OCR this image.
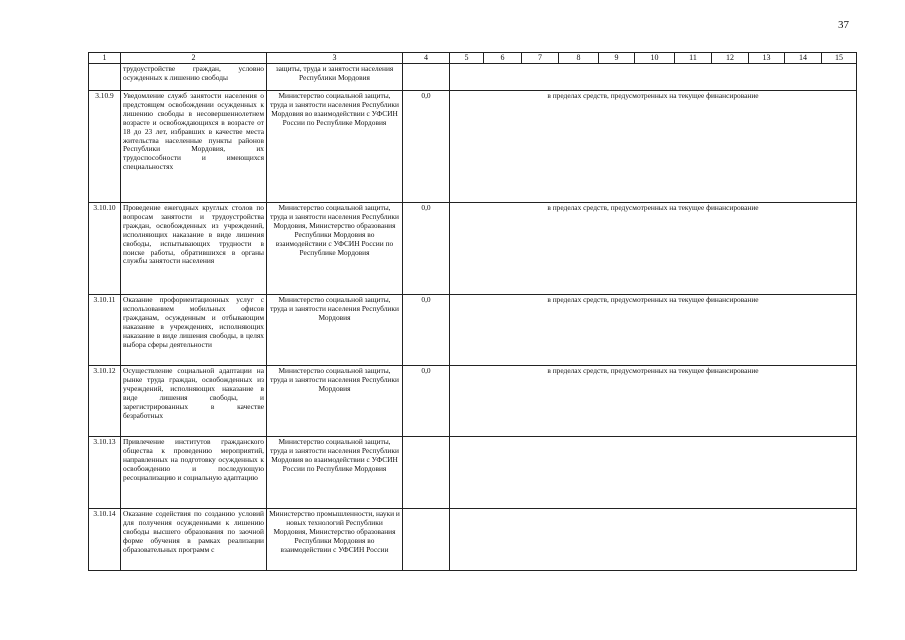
37
1	2	3	4	5	6	7	8	9	10	11	12	13	14	15
	трудоустройстве граждан, условно осужденных к лишению свободы	защиты, труда и занятости населения Республики Мордовия												
3.10.9	Уведомление служб занятости населения о предстоящем освобождении осужденных к лишению свободы в несовершеннолетнем возрасте и освобождающихся в возрасте от 18 до 23 лет, избравших в качестве места жительства населенные пункты районов Республики Мордовия, их трудоспособности и имеющихся специальностях	Министерство социальной защиты, труда и занятости населения Республики Мордовия во взаимодействии с УФСИН России по Республике Мордовия	0,0	в пределах средств, предусмотренных на текущее финансирование										
3.10.10	Проведение ежегодных круглых столов по вопросам занятости и трудоустройства граждан, освобожденных из учреждений, исполняющих наказание в виде лишения свободы, испытывающих трудности в поиске работы, обратившихся в органы службы занятости населения	Министерство социальной защиты, труда и занятости населения Республики Мордовия, Министерство образования Республики Мордовия во взаимодействии с УФСИН России по Республике Мордовия	0,0	в пределах средств, предусмотренных на текущее финансирование										
3.10.11	Оказание профориентационных услуг с использованием мобильных офисов гражданам, осужденным и отбывающим наказание в учреждениях, исполняющих наказание в виде лишения свободы, в целях выбора сферы деятельности	Министерство социальной защиты, труда и занятости населения Республики Мордовия	0,0	в пределах средств, предусмотренных на текущее финансирование										
3.10.12	Осуществление социальной адаптации на рынке труда граждан, освобожденных из учреждений, исполняющих наказание в виде лишения свободы, и зарегистрированных в качестве безработных	Министерство социальной защиты, труда и занятости населения Республики Мордовия	0,0	в пределах средств, предусмотренных на текущее финансирование										
3.10.13	Привлечение институтов гражданского общества к проведению мероприятий, направленных на подготовку осужденных к освобождению и последующую ресоциализацию и социальную адаптацию	Министерство социальной защиты, труда и занятости населения Республики Мордовия во взаимодействии с УФСИН России по Республике Мордовия												
3.10.14	Оказание содействия по созданию условий для получения осужденными к лишению свободы высшего образования по заочной форме обучения в рамках реализации образовательных программ с	Министерство промышленности, науки и новых технологий Республики Мордовия, Министерство образования Республики Мордовия во взаимодействии с УФСИН России												
